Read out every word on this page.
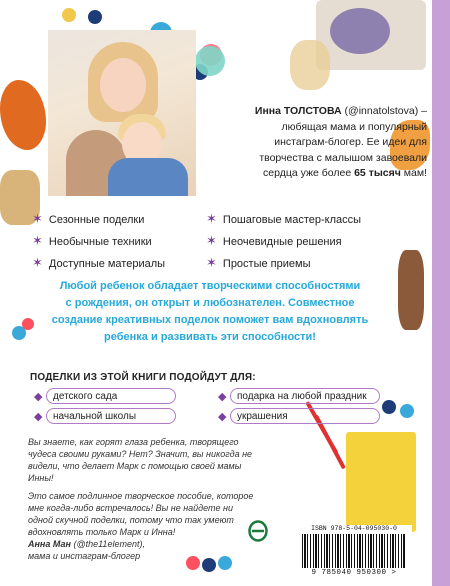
Инна ТОЛСТОВА (@innatolstova) –
любящая мама и популярный
инстаграм-блогер. Ее идеи для
творчества с малышом завоевали
сердца уже более 65 тысяч мам!
✶ Сезонные поделки	✶ Пошаговые мастер-классы
✶ Необычные техники	✶ Неочевидные решения
✶ Доступные материалы	✶ Простые приемы
Любой ребенок обладает творческими способностями
с рождения, он открыт и любознателен. Совместное
создание креативных поделок поможет вам вдохновлять
ребенка и развивать эти способности!
ПОДЕЛКИ ИЗ ЭТОЙ КНИГИ ПОДОЙДУТ ДЛЯ:
◆	детского сада	◆	подарка на любой праздник
◆	начальной школы	◆	украшения

Вы знаете, как горят глаза ребенка, творящего чудеса своими руками? Нет? Значит, вы никогда не видели, что делает Марк с помощью своей мамы Инны!

Это самое подлинное творческое пособие, которое мне когда-либо встречалось! Вы не найдете ни одной скучной поделки, потому что так умеют вдохновлять только Марк и Инна!

Анна Ман (@the11element),
мама и инстаграм-блогер
ISBN 978-5-04-095030-0
9 785040 950300 >
